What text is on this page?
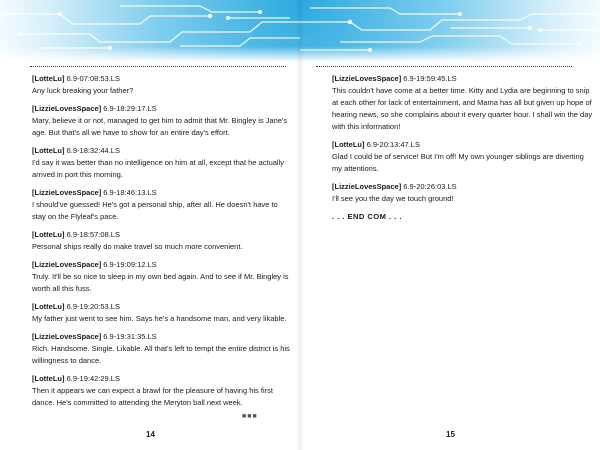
■■■
14	15
[LotteLu] 6.9-07:08:53.LS
Any luck breaking your father?
[LizzieLovesSpace] 6.9-18:29:17.LS
Mary, believe it or not, managed to get him to admit that Mr. Bingley is Jane's age. But that's all we have to show for an entire day's effort.
[LotteLu] 6.9-18:32:44.LS
I'd say it was better than no intelligence on him at all, except that he actually arrived in port this morning.
[LizzieLovesSpace] 6.9-18:46:13.LS
I should've guessed! He's got a personal ship, after all. He doesn't have to stay on the Flyleaf's pace.
[LotteLu] 6.9-18:57:08.LS
Personal ships really do make travel so much more convenient.
[LizzieLovesSpace] 6.9-19:09:12.LS
Truly. It'll be so nice to sleep in my own bed again. And to see if Mr. Bingley is worth all this fuss.
[LotteLu] 6.9-19:20:53.LS
My father just went to see him. Says he's a handsome man, and very likable.
[LizzieLovesSpace] 6.9-19:31:35.LS
Rich. Handsome. Single. Likable. All that's left to tempt the entire district is his willingness to dance.
[LotteLu] 6.9-19:42:29.LS
Then it appears we can expect a brawl for the pleasure of having his first dance. He's committed to attending the Meryton ball next week.
[LizzieLovesSpace] 6.9-19:59:45.LS
This couldn't have come at a better time. Kitty and Lydia are beginning to snip at each other for lack of entertainment, and Mama has all but given up hope of hearing news, so she complains about it every quarter hour. I shall win the day with this information!
[LotteLu] 6.9-20:13:47.LS
Glad I could be of service! But I'm off! My own younger siblings are diverting my attentions.
[LizzieLovesSpace] 6.9-20:26:03.LS
I'll see you the day we touch ground!
. . . END COM . . .
